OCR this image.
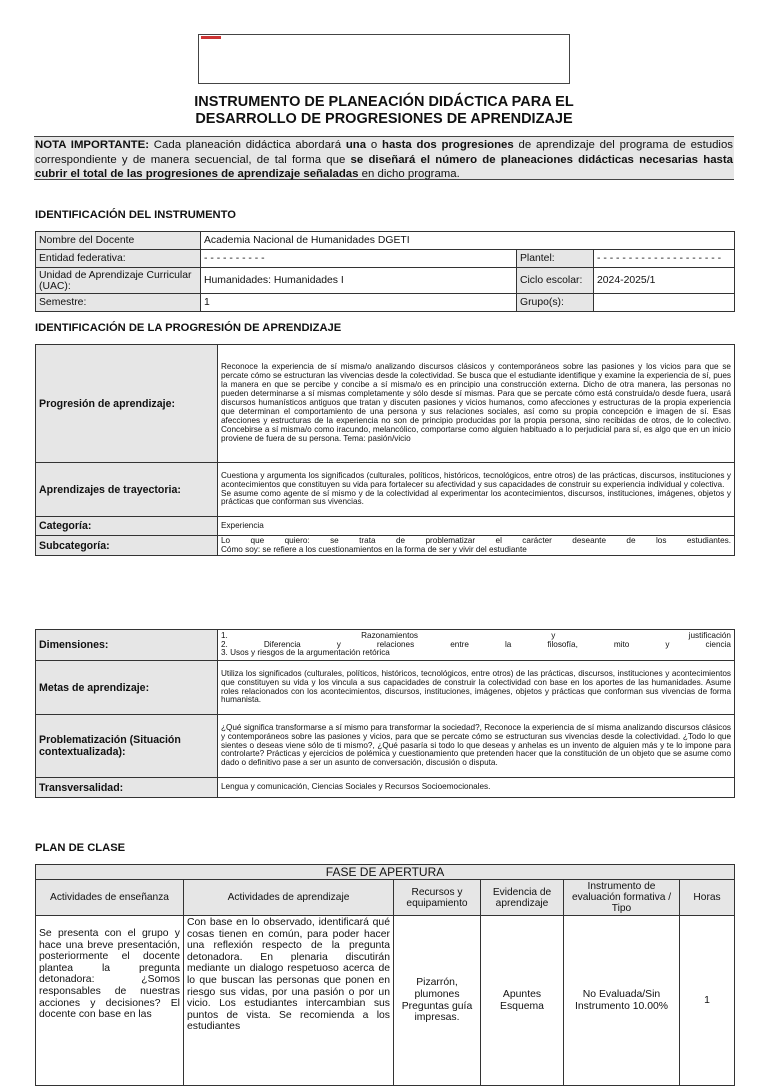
INSTRUMENTO DE PLANEACIÓN DIDÁCTICA PARA EL
DESARROLLO DE PROGRESIONES DE APRENDIZAJE
NOTA IMPORTANTE: Cada planeación didáctica abordará una o hasta dos progresiones de aprendizaje del programa de estudios correspondiente y de manera secuencial, de tal forma que se diseñará el número de planeaciones didácticas necesarias hasta cubrir el total de las progresiones de aprendizaje señaladas en dicho programa.
IDENTIFICACIÓN DEL INSTRUMENTO
Nombre del Docente	Academia Nacional de Humanidades DGETI		
Entidad federativa:	- - - - - - - - - -	Plantel:	- - - - - - - - - - - - - - - - - - - -
Unidad de Aprendizaje Curricular (UAC):	Humanidades: Humanidades I	Ciclo escolar:	2024-2025/1
Semestre:	1	Grupo(s):	
IDENTIFICACIÓN DE LA PROGRESIÓN DE APRENDIZAJE
Progresión de aprendizaje:	Reconoce la experiencia de sí misma/o analizando discursos clásicos y contemporáneos sobre las pasiones y los vicios para que se percate cómo se estructuran las vivencias desde la colectividad. Se busca que el estudiante identifique y examine la experiencia de sí, pues la manera en que se percibe y concibe a sí misma/o es en principio una construcción externa. Dicho de otra manera, las personas no pueden determinarse a sí mismas completamente y sólo desde sí mismas. Para que se percate cómo está construida/o desde fuera, usará discursos humanísticos antiguos que tratan y discuten pasiones y vicios humanos, como afecciones y estructuras de la propia experiencia que determinan el comportamiento de una persona y sus relaciones sociales, así como su propia concepción e imagen de sí. Esas afecciones y estructuras de la experiencia no son de principio producidas por la propia persona, sino recibidas de otros, de lo colectivo. Concebirse a sí misma/o como iracundo, melancólico, comportarse como alguien habituado a lo perjudicial para sí, es algo que en un inicio proviene de fuera de su persona. Tema: pasión/vicio
Aprendizajes de trayectoria:	Cuestiona y argumenta los significados (culturales, políticos, históricos, tecnológicos, entre otros) de las prácticas, discursos, instituciones y acontecimientos que constituyen su vida para fortalecer su afectividad y sus capacidades de construir su experiencia individual y colectiva.
Se asume como agente de sí mismo y de la colectividad al experimentar los acontecimientos, discursos, instituciones, imágenes, objetos y prácticas que conforman sus vivencias.

Categoría:	Experiencia
Subcategoría:	Lo que quiero: se trata de problematizar el carácter deseante de los estudiantes.
Cómo soy: se refiere a los cuestionamientos en la forma de ser y vivir del estudiante
Dimensiones:	1. Razonamientos y justificación
2. Diferencia y relaciones entre la filosofía, mito y ciencia
3. Usos y riesgos de la argumentación retórica

Metas de aprendizaje:	Utiliza los significados (culturales, políticos, históricos, tecnológicos, entre otros) de las prácticas, discursos, instituciones y acontecimientos que constituyen su vida y los vincula a sus capacidades de construir la colectividad con base en los aportes de las humanidades. Asume roles relacionados con los acontecimientos, discursos, instituciones, imágenes, objetos y prácticas que conforman sus vivencias de forma humanista.
Problematización (Situación contextualizada):	¿Qué significa transformarse a sí mismo para transformar la sociedad?, Reconoce la experiencia de sí misma analizando discursos clásicos y contemporáneos sobre las pasiones y vicios, para que se percate cómo se estructuran sus vivencias desde la colectividad. ¿Todo lo que sientes o deseas viene sólo de ti mismo?, ¿Qué pasaría si todo lo que deseas y anhelas es un invento de alguien más y te lo impone para controlarte? Prácticas y ejercicios de polémica y cuestionamiento que pretenden hacer que la constitución de un objeto que se asume como dado o definitivo pase a ser un asunto de conversación, discusión o disputa.
Transversalidad:	Lengua y comunicación, Ciencias Sociales y Recursos Socioemocionales.
PLAN DE CLASE
FASE DE APERTURA					
Actividades de enseñanza	Actividades de aprendizaje	Recursos y equipamiento	Evidencia de aprendizaje	Instrumento de evaluación formativa / Tipo	Horas
Se presenta con el grupo y hace una breve presentación, posteriormente el docente plantea la pregunta detonadora: ¿Somos responsables de nuestras acciones y decisiones? El docente con base en las	Con base en lo observado, identificará qué cosas tienen en común, para poder hacer una reflexión respecto de la pregunta detonadora. En plenaria discutirán mediante un dialogo respetuoso acerca de lo que buscan las personas que ponen en riesgo sus vidas, por una pasión o por un vicio. Los estudiantes intercambian sus puntos de vista. Se recomienda a los estudiantes	Pizarrón, plumones Preguntas guía impresas.	Apuntes Esquema	No Evaluada/Sin Instrumento 10.00%	1
